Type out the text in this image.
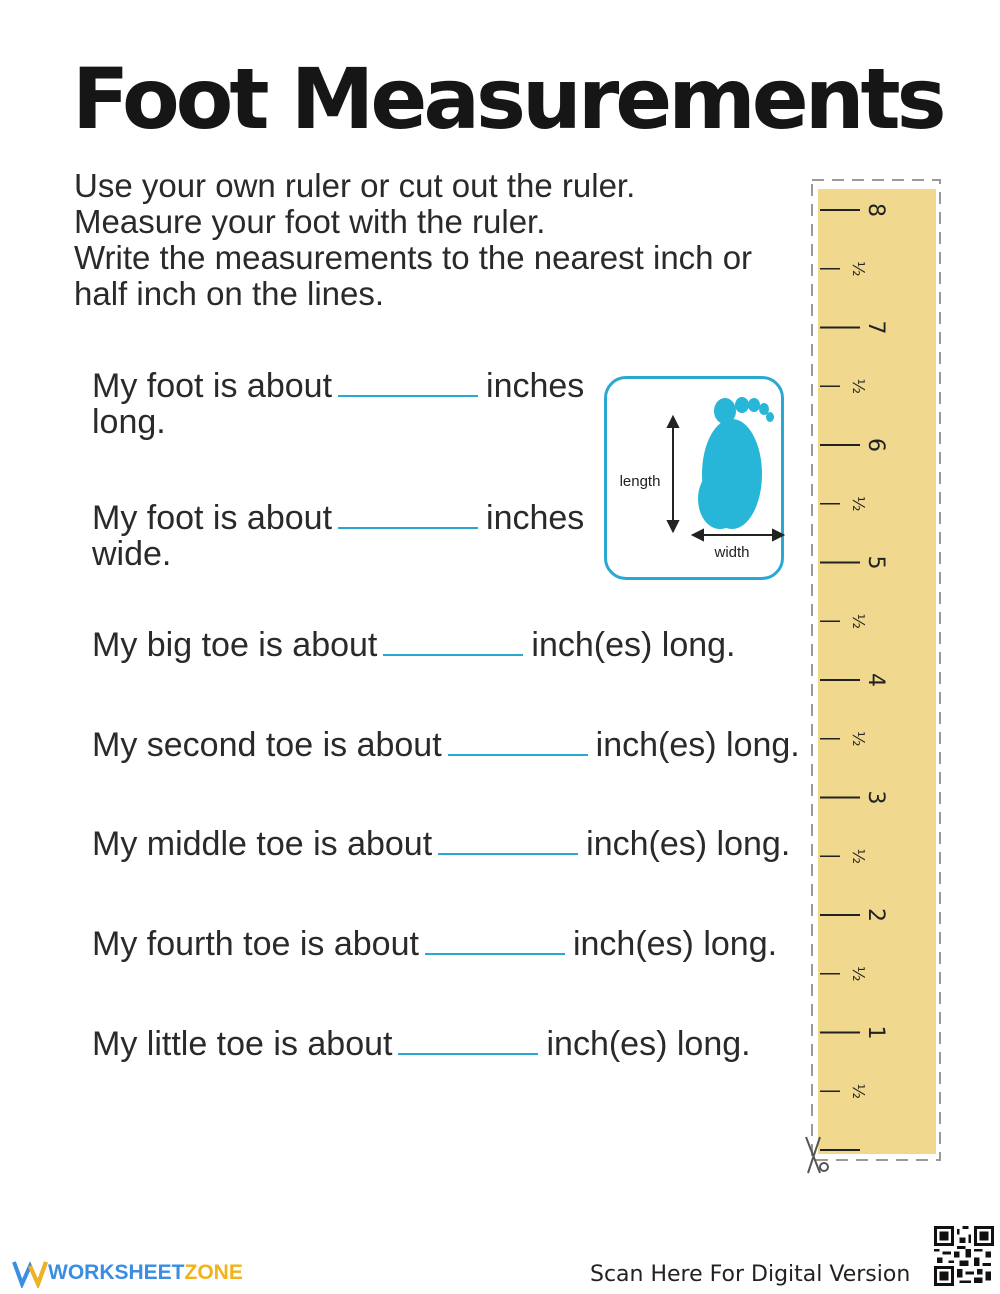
Foot Measurements
Use your own ruler or cut out the ruler.
Measure your foot with the ruler.
Write the measurements to the nearest inch or
half inch on the lines.
My foot is about	inches
long.
My foot is about	inches
wide.
My big toe is about	inch(es) long.
My second toe is about	inch(es) long.
My middle toe is about	inch(es) long.
My fourth toe is about	inch(es) long.
My little toe is about	inch(es) long.
length
width
8
½
7
½
6
½
5
½
4
½
3
½
2
½
1
½
WORKSHEET ZONE	Scan Here For Digital Version
